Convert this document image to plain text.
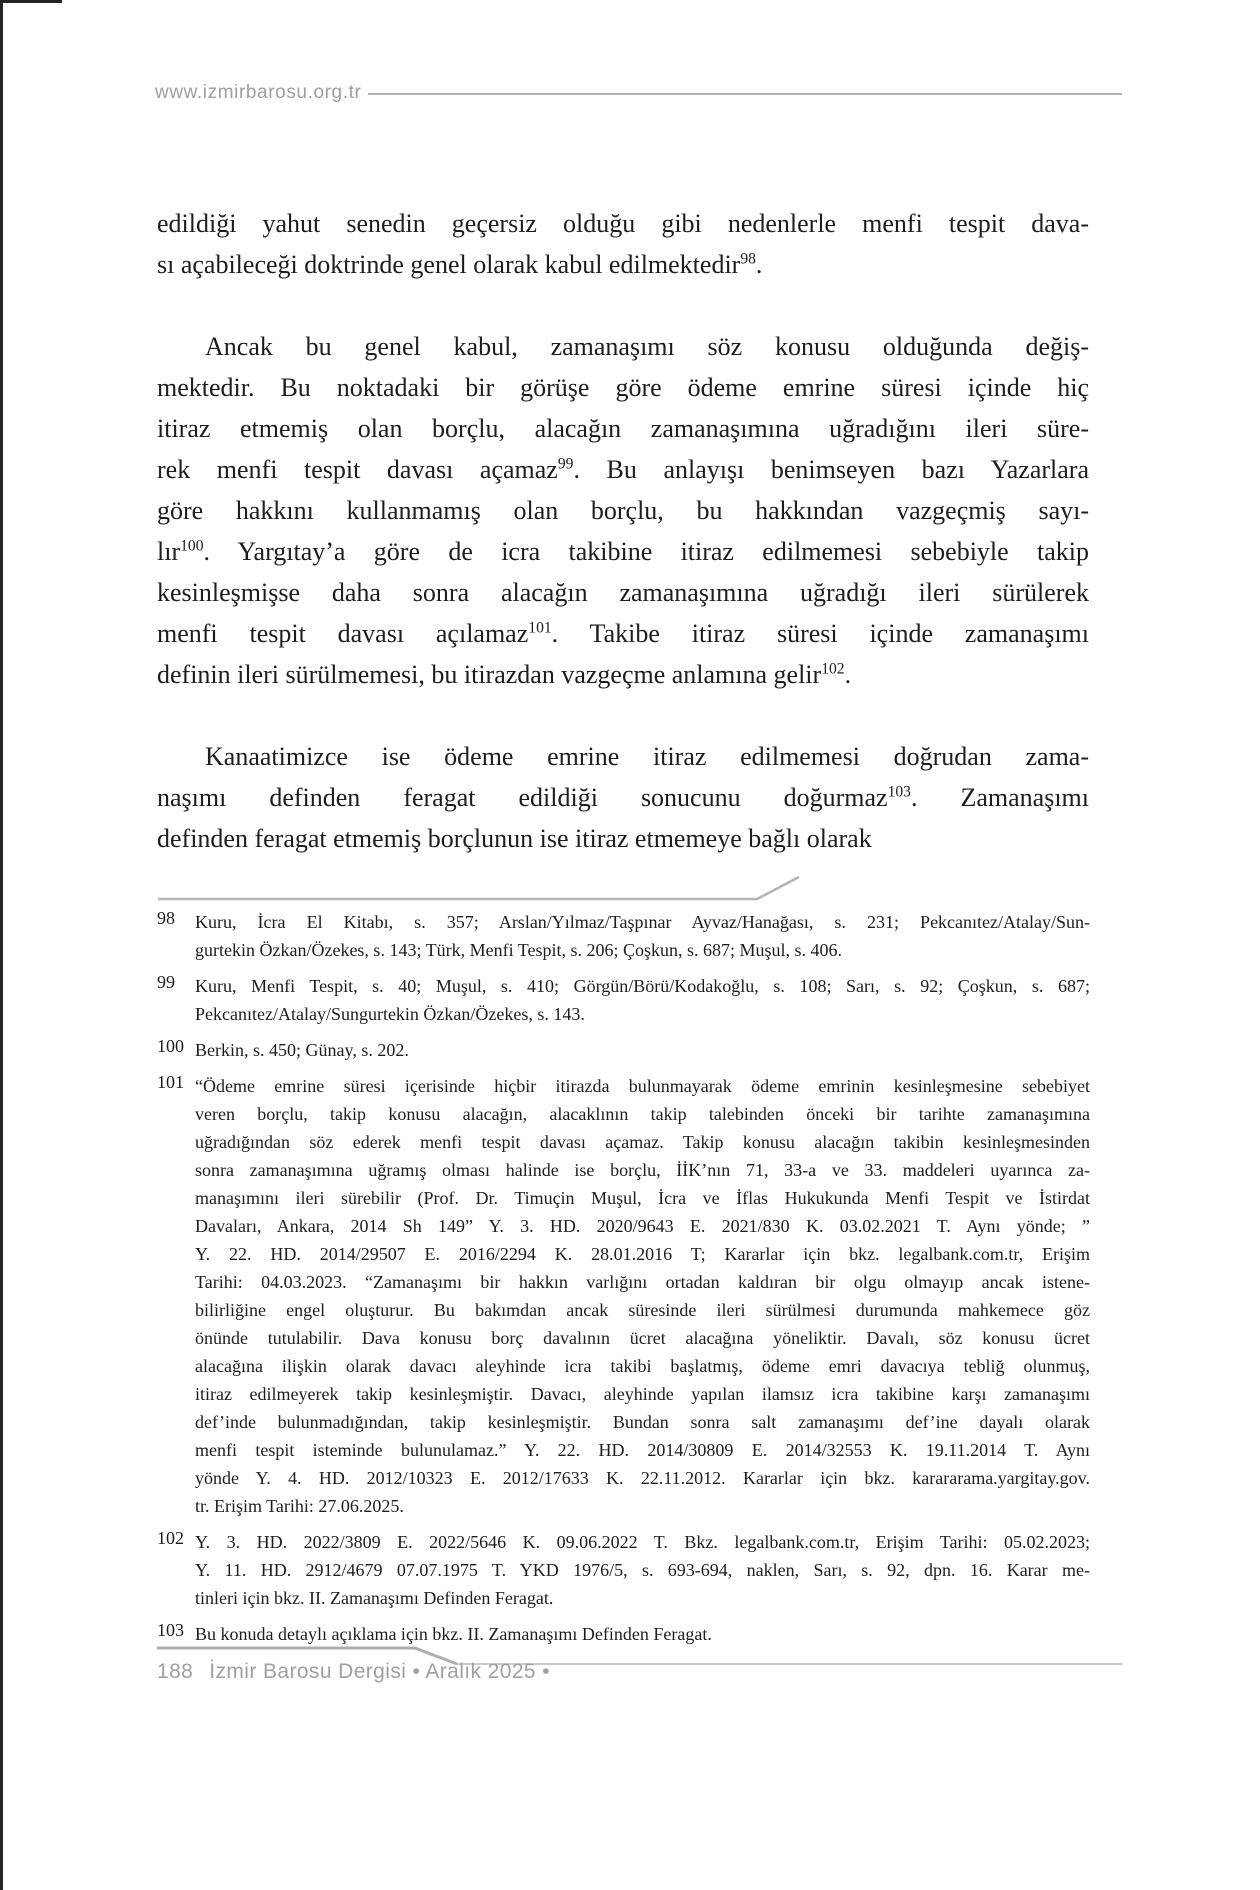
www.izmirbarosu.org.tr
edildiği yahut senedin geçersiz olduğu gibi nedenlerle menfi tespit dava-
sı açabileceği doktrinde genel olarak kabul edilmektedir$^{98}$.
Ancak bu genel kabul, zamanaşımı söz konusu olduğunda değiş-
mektedir. Bu noktadaki bir görüşe göre ödeme emrine süresi içinde hiç
itiraz etmemiş olan borçlu, alacağın zamanaşımına uğradığını ileri süre-
rek menfi tespit davası açamaz$^{99}$. Bu anlayışı benimseyen bazı Yazarlara
göre hakkını kullanmamış olan borçlu, bu hakkından vazgeçmiş sayı-
lır$^{100}$. Yargıtay’a göre de icra takibine itiraz edilmemesi sebebiyle takip
kesinleşmişse daha sonra alacağın zamanaşımına uğradığı ileri sürülerek
menfi tespit davası açılamaz$^{101}$. Takibe itiraz süresi içinde zamanaşımı
definin ileri sürülmemesi, bu itirazdan vazgeçme anlamına gelir$^{102}$.
Kanaatimizce ise ödeme emrine itiraz edilmemesi doğrudan zama-
naşımı definden feragat edildiği sonucunu doğurmaz$^{103}$. Zamanaşımı
definden feragat etmemiş borçlunun ise itiraz etmemeye bağlı olarak
98	Kuru, İcra El Kitabı, s. 357; Arslan/Yılmaz/Taşpınar Ayvaz/Hanağası, s. 231; Pekcanıtez/Atalay/Sun-
gurtekin Özkan/Özekes, s. 143; Türk, Menfi Tespit, s. 206; Çoşkun, s. 687; Muşul, s. 406.
99	Kuru, Menfi Tespit, s. 40; Muşul, s. 410; Görgün/Börü/Kodakoğlu, s. 108; Sarı, s. 92; Çoşkun, s. 687;
Pekcanıtez/Atalay/Sungurtekin Özkan/Özekes, s. 143.
100 Berkin, s. 450; Günay, s. 202.
101 “Ödeme emrine süresi içerisinde hiçbir itirazda bulunmayarak ödeme emrinin kesinleşmesine sebebiyet
veren borçlu, takip konusu alacağın, alacaklının takip talebinden önceki bir tarihte zamanaşımına
uğradığından söz ederek menfi tespit davası açamaz. Takip konusu alacağın takibin kesinleşmesinden
sonra zamanaşımına uğramış olması halinde ise borçlu, İİK’nın 71, 33-a ve 33. maddeleri uyarınca za-
manaşımını ileri sürebilir (Prof. Dr. Timuçin Muşul, İcra ve İflas Hukukunda Menfi Tespit ve İstirdat
Davaları, Ankara, 2014 Sh 149” Y. 3. HD. 2020/9643 E. 2021/830 K. 03.02.2021 T. Aynı yönde; ”
Y. 22. HD. 2014/29507 E. 2016/2294 K. 28.01.2016 T; Kararlar için bkz. legalbank.com.tr, Erişim
Tarihi: 04.03.2023. “Zamanaşımı bir hakkın varlığını ortadan kaldıran bir olgu olmayıp ancak istene-
bilirliğine engel oluşturur. Bu bakımdan ancak süresinde ileri sürülmesi durumunda mahkemece göz
önünde tutulabilir. Dava konusu borç davalının ücret alacağına yöneliktir. Davalı, söz konusu ücret
alacağına ilişkin olarak davacı aleyhinde icra takibi başlatmış, ödeme emri davacıya tebliğ olunmuş,
itiraz edilmeyerek takip kesinleşmiştir. Davacı, aleyhinde yapılan ilamsız icra takibine karşı zamanaşımı
def’inde bulunmadığından, takip kesinleşmiştir. Bundan sonra salt zamanaşımı def’ine dayalı olarak
menfi tespit isteminde bulunulamaz.” Y. 22. HD. 2014/30809 E. 2014/32553 K. 19.11.2014 T. Aynı
yönde Y. 4. HD. 2012/10323 E. 2012/17633 K. 22.11.2012. Kararlar için bkz. karararama.yargitay.gov.
tr. Erişim Tarihi: 27.06.2025.
102 Y. 3. HD. 2022/3809 E. 2022/5646 K. 09.06.2022 T. Bkz. legalbank.com.tr, Erişim Tarihi: 05.02.2023;
Y. 11. HD. 2912/4679 07.07.1975 T. YKD 1976/5, s. 693-694, naklen, Sarı, s. 92, dpn. 16. Karar me-
tinleri için bkz. II. Zamanaşımı Definden Feragat.
103 Bu konuda detaylı açıklama için bkz. II. Zamanaşımı Definden Feragat.
188 İzmir Barosu Dergisi • Aralık 2025 •
